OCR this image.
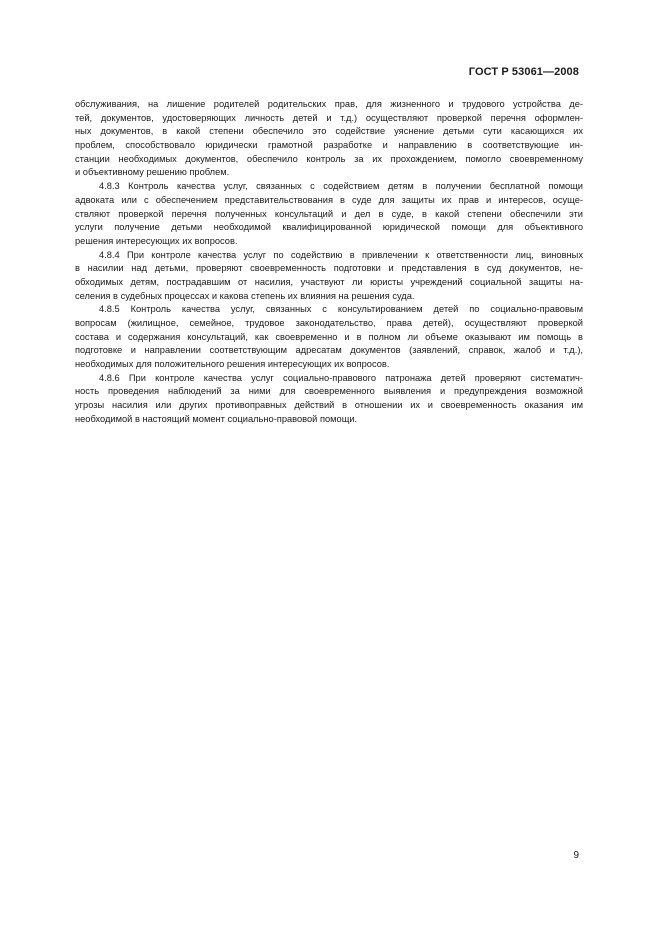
ГОСТ Р 53061—2008
обслуживания, на лишение родителей родительских прав, для жизненного и трудового устройства де-
тей, документов, удостоверяющих личность детей и т.д.) осуществляют проверкой перечня оформлен-
ных документов, в какой степени обеспечило это содействие уяснение детьми сути касающихся их
проблем, способствовало юридически грамотной разработке и направлению в соответствующие ин-
станции необходимых документов, обеспечило контроль за их прохождением, помогло своевременному
и объективному решению проблем.
4.8.3 Контроль качества услуг, связанных с содействием детям в получении бесплатной помощи
адвоката или с обеспечением представительствования в суде для защиты их прав и интересов, осуще-
ствляют проверкой перечня полученных консультаций и дел в суде, в какой степени обеспечили эти
услуги получение детьми необходимой квалифицированной юридической помощи для объективного
решения интересующих их вопросов.
4.8.4 При контроле качества услуг по содействию в привлечении к ответственности лиц, виновных
в насилии над детьми, проверяют своевременность подготовки и представления в суд документов, не-
обходимых детям, пострадавшим от насилия, участвуют ли юристы учреждений социальной защиты на-
селения в судебных процессах и какова степень их влияния на решения суда.
4.8.5 Контроль качества услуг, связанных с консультированием детей по социально-правовым
вопросам (жилищное, семейное, трудовое законодательство, права детей), осуществляют проверкой
состава и содержания консультаций, как своевременно и в полном ли объеме оказывают им помощь в
подготовке и направлении соответствующим адресатам документов (заявлений, справок, жалоб и т.д.),
необходимых для положительного решения интересующих их вопросов.
4.8.6 При контроле качества услуг социально-правового патронажа детей проверяют систематич-
ность проведения наблюдений за ними для своевременного выявления и предупреждения возможной
угрозы насилия или других противоправных действий в отношении их и своевременность оказания им
необходимой в настоящий момент социально-правовой помощи.
9
